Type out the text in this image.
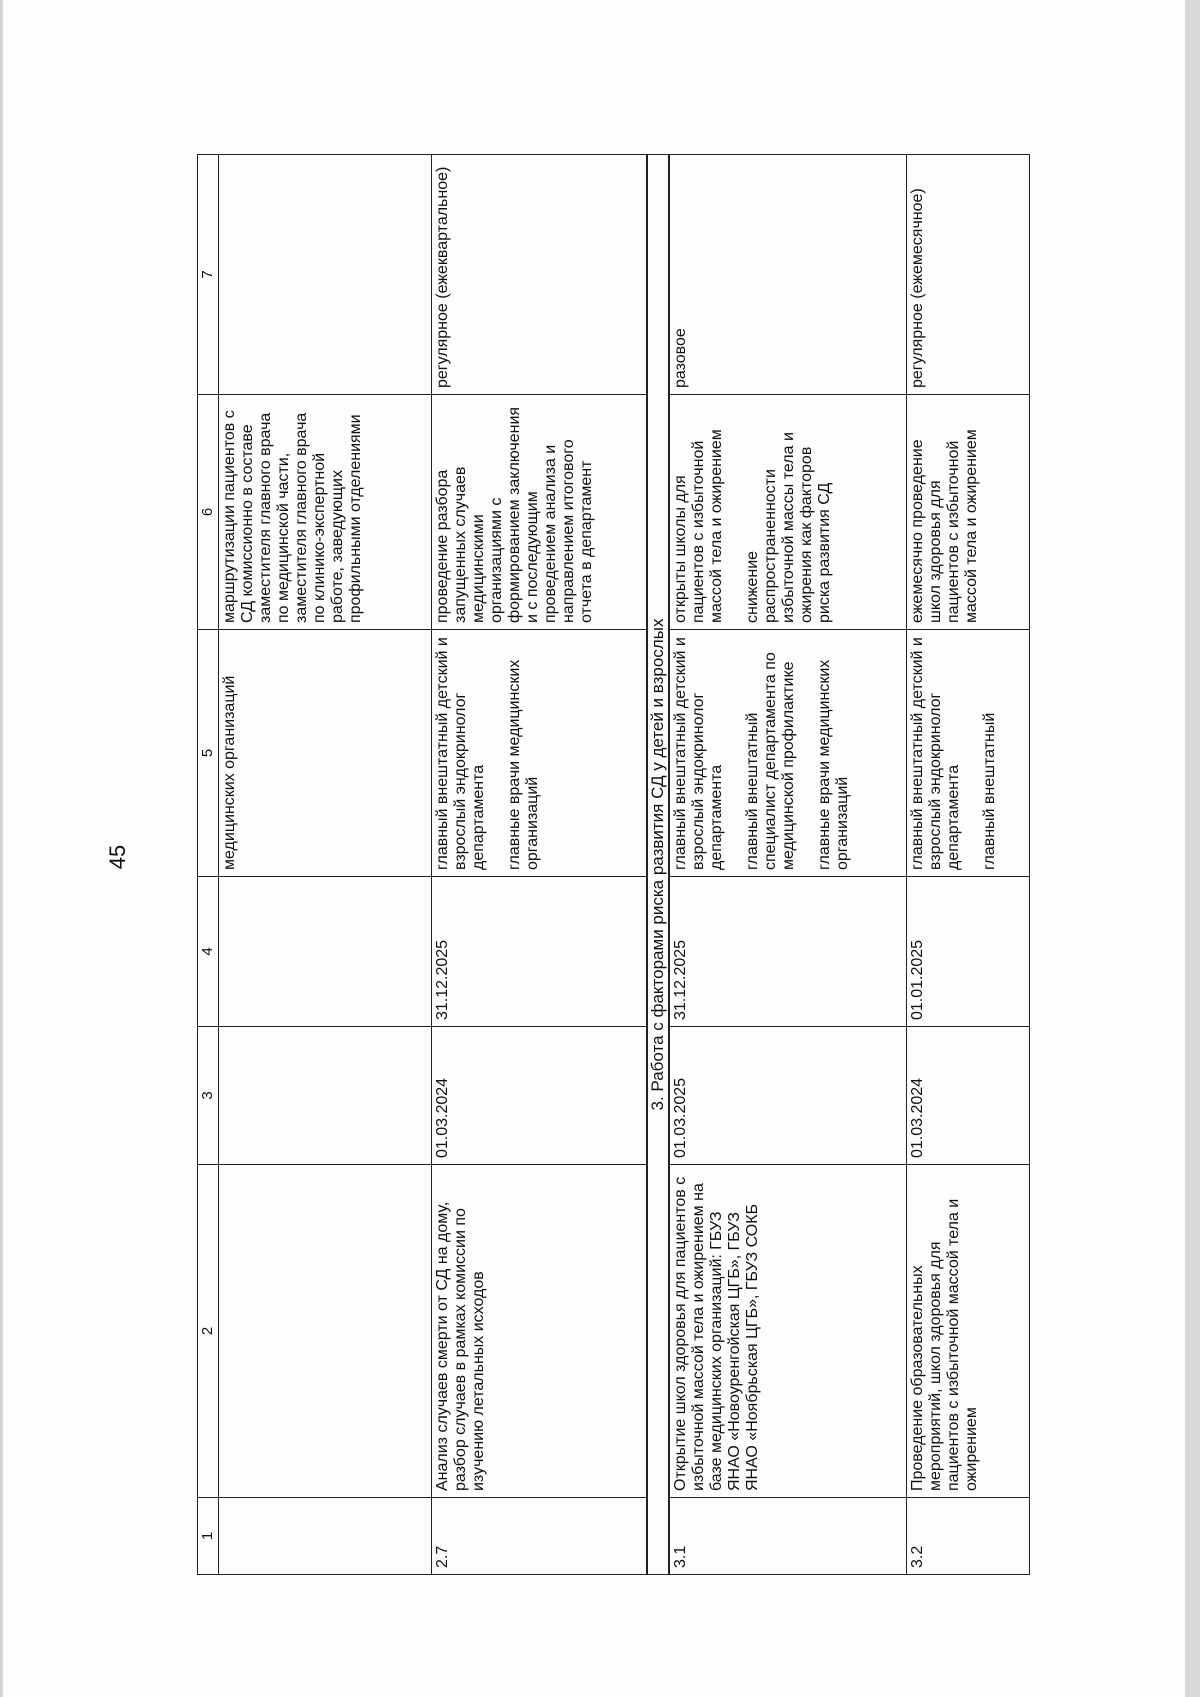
45
1	2	3	4	5	6	7
				медицинских организаций	маршрутизации пациентов с СД комиссионно в составе заместителя главного врача по медицинской части, заместителя главного врача по клинико-экспертной работе, заведующих профильными отделениями	
2.7	Анализ случаев смерти от СД на дому, разбор случаев в рамках комиссии по изучению летальных исходов	01.03.2024	31.12.2025	главный внештатный детский и взрослый эндокринолог департамента главные врачи медицинских организаций	проведение разбора запущенных случаев медицинскими организациями с формированием заключения и с последующим проведением анализа и направлением итогового отчета в департамент	регулярное (ежеквартальное)
3. Работа с факторами риска развития СД у детей и взрослых						
3.1	Открытие школ здоровья для пациентов с избыточной массой тела и ожирением на базе медицинских организаций: ГБУЗ ЯНАО «Новоуренгойская ЦГБ», ГБУЗ ЯНАО «Ноябрьская ЦГБ», ГБУЗ СОКБ	01.03.2025	31.12.2025	главный внештатный детский и взрослый эндокринолог департамента главный внештатный специалист департамента по медицинской профилактике главные врачи медицинских организаций	открыты школы для пациентов с избыточной массой тела и ожирением снижение распространенности избыточной массы тела и ожирения как факторов риска развития СД	разовое
3.2	Проведение образовательных мероприятий, школ здоровья для пациентов с избыточной массой тела и ожирением	01.03.2024	01.01.2025	главный внештатный детский и взрослый эндокринолог департамента главный внештатный	ежемесячно проведение школ здоровья для пациентов с избыточной массой тела и ожирением	регулярное (ежемесячное)
